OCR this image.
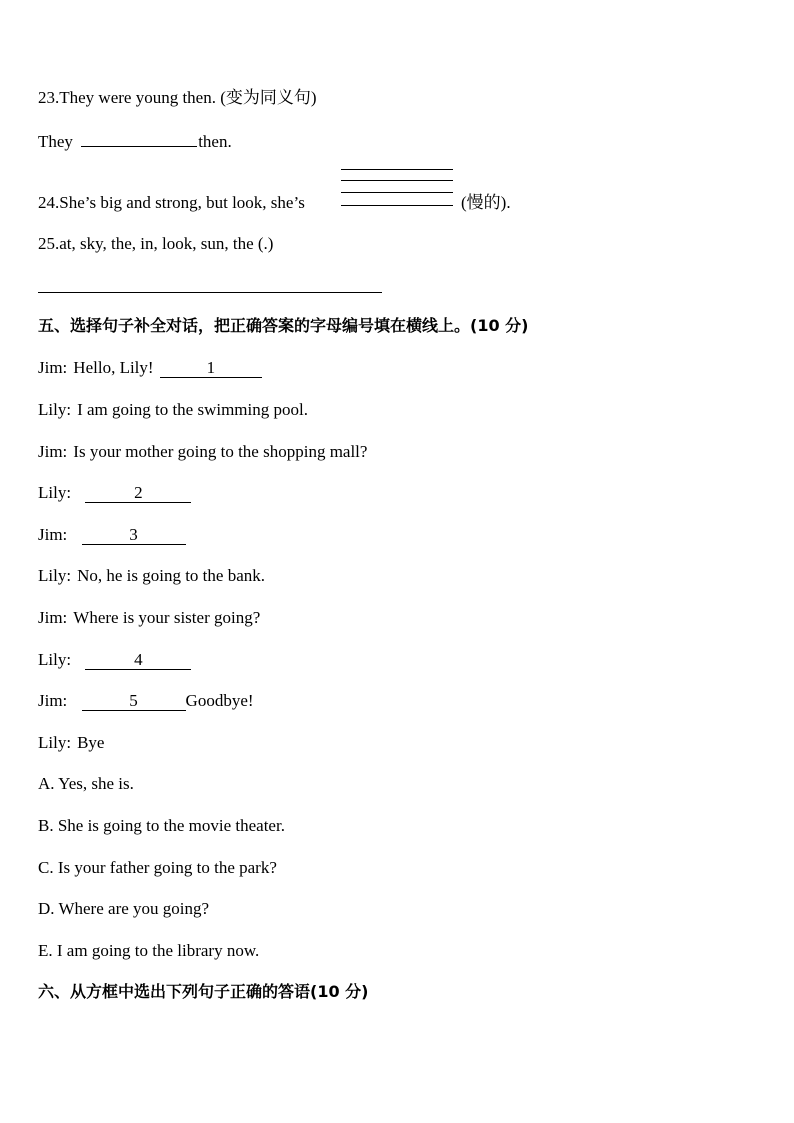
23.They were young then. (变为同义句)
They	then.
24.She’s big and strong, but look, she’s	(慢的).
25.at, sky, the, in, look, sun, the (.)
五、选择句子补全对话，把正确答案的字母编号填在横线上。(10 分)
Jim: Hello, Lily!	1
Lily: I am going to the swimming pool.
Jim: Is your mother going to the shopping mall?
Lily:	2
Jim:	3
Lily: No, he is going to the bank.
Jim: Where is your sister going?
Lily:	4
Jim:	5	Goodbye!
Lily: Bye
A. Yes, she is.
B. She is going to the movie theater.
C. Is your father going to the park?
D. Where are you going?
E. I am going to the library now.
六、从方框中选出下列句子正确的答语(10 分)
